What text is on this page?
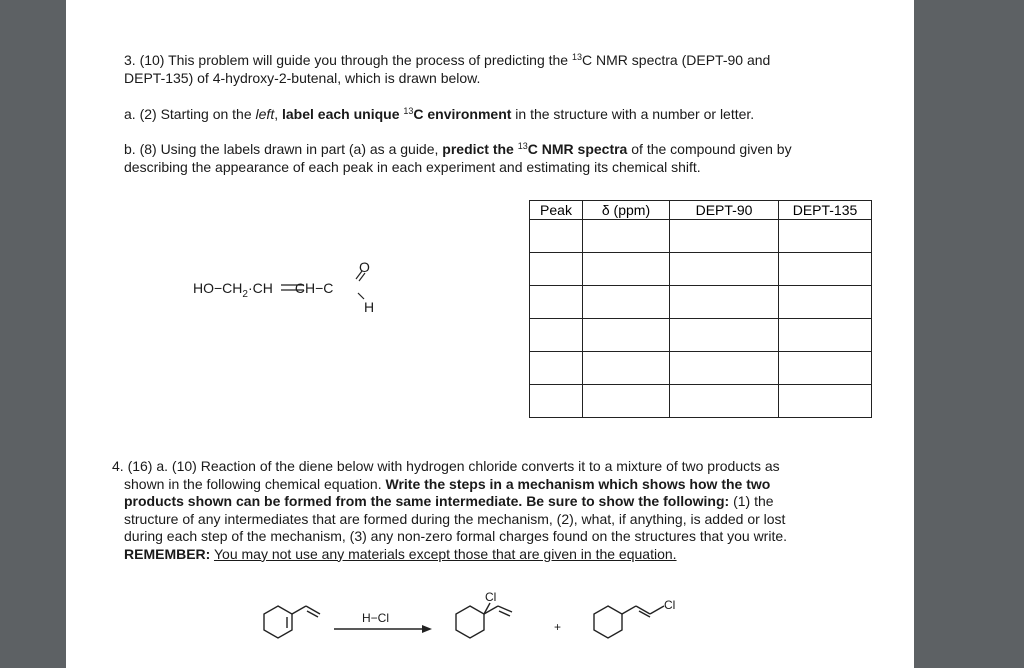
3. (10) This problem will guide you through the process of predicting the $^{13}$C NMR spectra (DEPT-90 and
DEPT-135) of 4-hydroxy-2-butenal, which is drawn below.

a. (2) Starting on the left, label each unique $^{13}$C environment in the structure with a number or letter.

b. (8) Using the labels drawn in part (a) as a guide, predict the $^{13}$C NMR spectra of the compound given by
describing the appearance of each peak in each experiment and estimating its chemical shift.

$HO-CH_2\cdot CH$ CH−C
O
H
Peak	δ (ppm)	DEPT-90	DEPT-135

4. (16) a. (10) Reaction of the diene below with hydrogen chloride converts it to a mixture of two products as
shown in the following chemical equation. Write the steps in a mechanism which shows how the two
products shown can be formed from the same intermediate. Be sure to show the following: (1) the
structure of any intermediates that are formed during the mechanism, (2), what, if anything, is added or lost
during each step of the mechanism, (3) any non-zero formal charges found on the structures that you write.
REMEMBER: You may not use any materials except those that are given in the equation.
H−Cl
Cl
+
Cl
